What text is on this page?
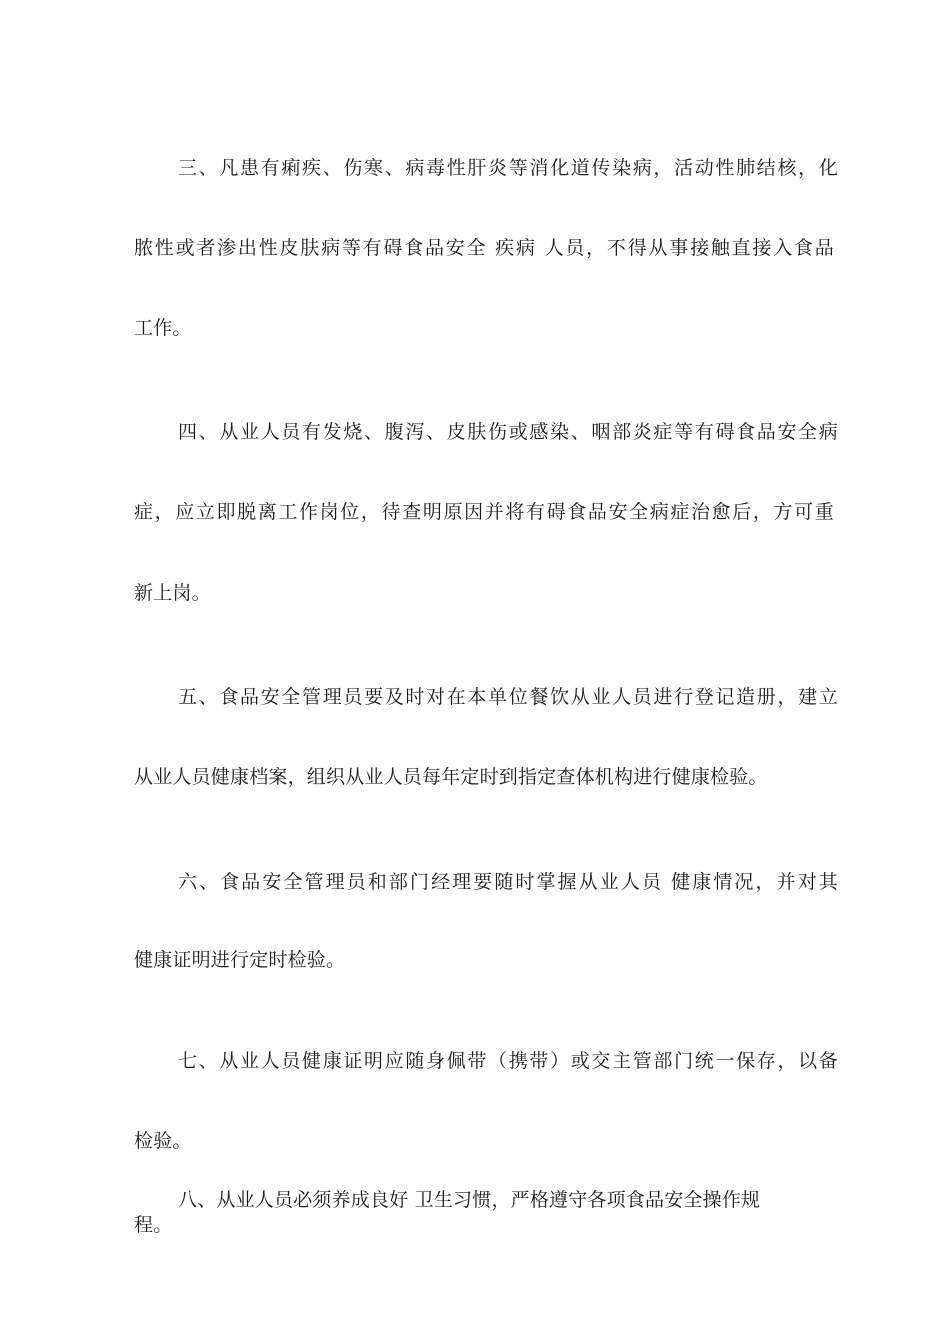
三、凡患有痢疾、伤寒、病毒性肝炎等消化道传染病，活动性肺结核，化
脓性或者渗出性皮肤病等有碍食品安全 疾病 人员，不得从事接触直接入食品
工作。
四、从业人员有发烧、腹泻、皮肤伤或感染、咽部炎症等有碍食品安全病
症，应立即脱离工作岗位，待查明原因并将有碍食品安全病症治愈后，方可重
新上岗。
五、食品安全管理员要及时对在本单位餐饮从业人员进行登记造册，建立
从业人员健康档案，组织从业人员每年定时到指定查体机构进行健康检验。
六、食品安全管理员和部门经理要随时掌握从业人员 健康情况，并对其
健康证明进行定时检验。
七、从业人员健康证明应随身佩带（携带）或交主管部门统一保存，以备
检验。
八、从业人员必须养成良好 卫生习惯，严格遵守各项食品安全操作规
程。
